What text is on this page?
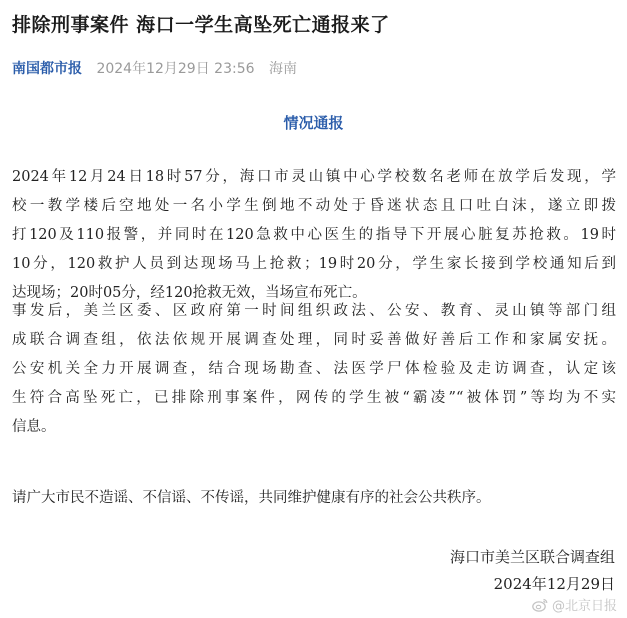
排除刑事案件 海口一学生高坠死亡通报来了
南国都市报 2024年12月29日 23:56 海南
情况通报
2024年12月24日18时57分，海口市灵山镇中心学校数名老师在放学后发现，学
校一教学楼后空地处一名小学生倒地不动处于昏迷状态且口吐白沫，遂立即拨
打120及110报警，并同时在120急救中心医生的指导下开展心脏复苏抢救。19时
10分，120救护人员到达现场马上抢救；19时20分，学生家长接到学校通知后到
达现场；20时05分，经120抢救无效，当场宣布死亡。
事发后，美兰区委、区政府第一时间组织政法、公安、教育、灵山镇等部门组
成联合调查组，依法依规开展调查处理，同时妥善做好善后工作和家属安抚。
公安机关全力开展调查，结合现场勘查、法医学尸体检验及走访调查，认定该
生符合高坠死亡，已排除刑事案件，网传的学生被“霸凌”“被体罚”等均为不实
信息。
请广大市民不造谣、不信谣、不传谣，共同维护健康有序的社会公共秩序。
海口市美兰区联合调查组
2024年12月29日
@北京日报
